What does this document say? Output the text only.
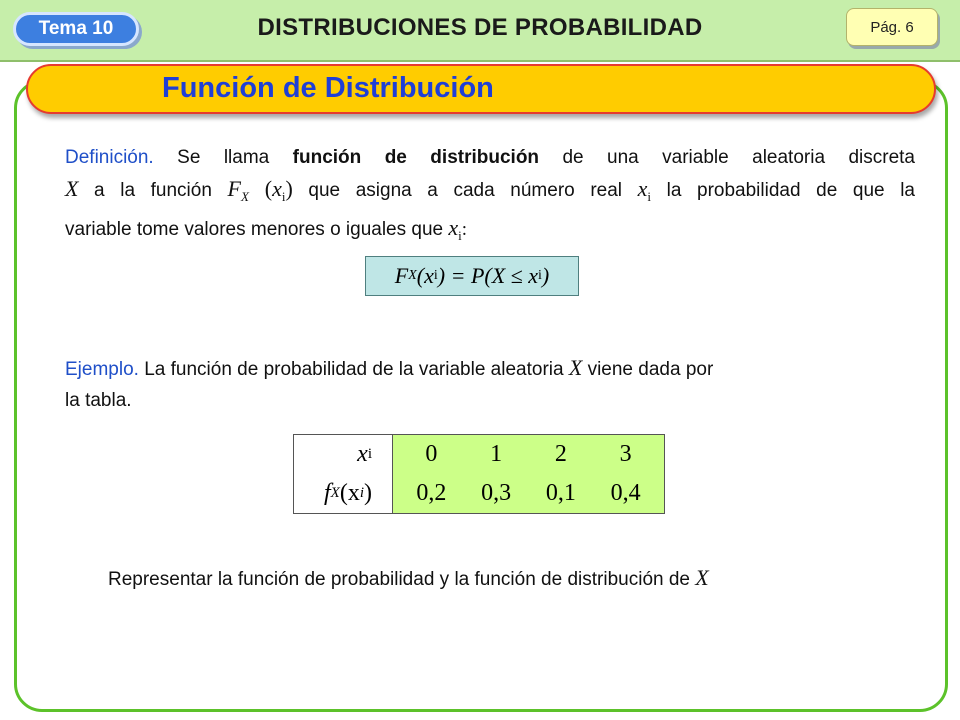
Tema 10	DISTRIBUCIONES DE PROBABILIDAD	Pág. 6
Función de Distribución
Definición. Se llama función de distribución de una variable aleatoria discreta
X a la función $F_X$ $(x_i)$ que asigna a cada número real $x_i$ la probabilidad de que la
variable tome valores menores o iguales que $x_i$:
F X (x i ) = P(X ≤ x i )
Ejemplo. La función de probabilidad de la variable aleatoria X viene dada por
la tabla.
x i
f X (x i )
0 1 2 3
0,2 0,3 0,1 0,4
Representar la función de probabilidad y la función de distribución de X
